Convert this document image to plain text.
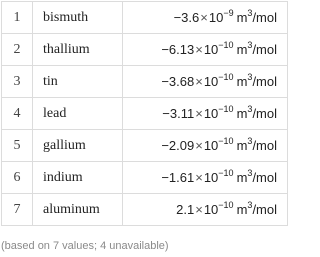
1	bismuth	$-3.6\times 10^{-9}$ $m^3$/mol
2	thallium	$-6.13\times 10^{-10}$ $m^3$/mol
3	tin	$-3.68\times 10^{-10}$ $m^3$/mol
4	lead	$-3.11\times 10^{-10}$ $m^3$/mol
5	gallium	$-2.09\times 10^{-10}$ $m^3$/mol
6	indium	$-1.61\times 10^{-10}$ $m^3$/mol
7	aluminum	$2.1\times 10^{-10}$ $m^3$/mol
(based on 7 values; 4 unavailable)
